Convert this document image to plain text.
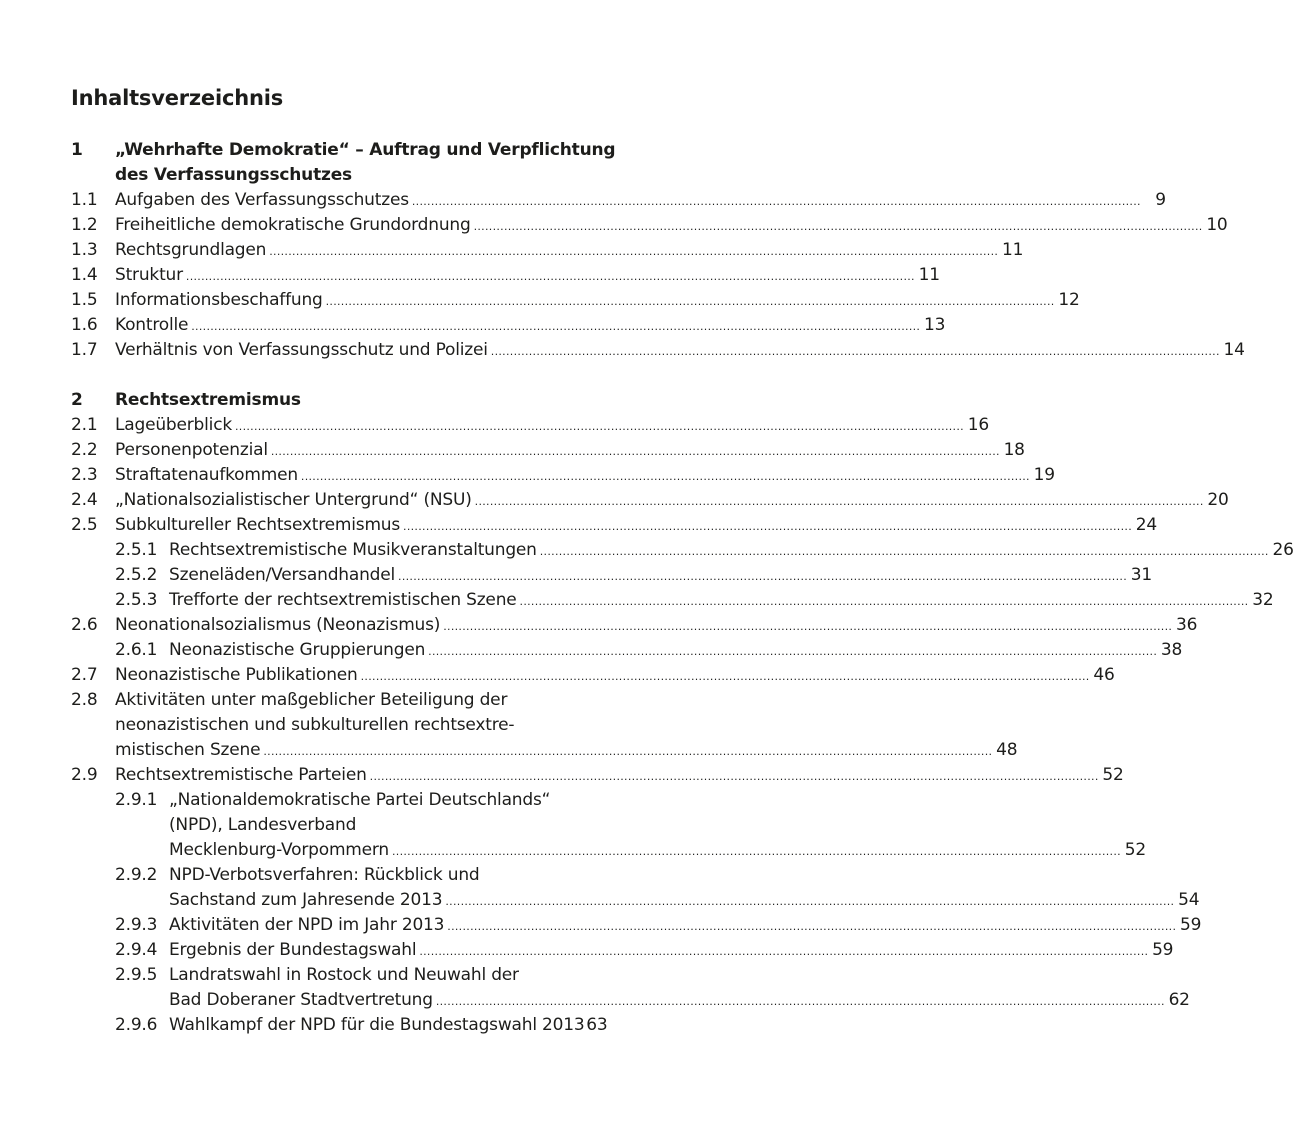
Inhaltsverzeichnis
1 „Wehrhafte Demokratie“ – Auftrag und Verpflichtung
des Verfassungsschutzes
1.1 Aufgaben des Verfassungsschutzes .....	9
1.2 Freiheitliche demokratische Grundordnung .....	10
1.3 Rechtsgrundlagen .....	11
1.4 Struktur .....	11
1.5 Informationsbeschaffung .....	12
1.6 Kontrolle .....	13
1.7 Verhältnis von Verfassungsschutz und Polizei .....	14
2 Rechtsextremismus
2.1 Lageüberblick .....	16
2.2 Personenpotenzial .....	18
2.3 Straftatenaufkommen .....	19
2.4 „Nationalsozialistischer Untergrund“ (NSU) .....	20
2.5 Subkultureller Rechtsextremismus .....	24
2.5.1 Rechtsextremistische Musikveranstaltungen .....	26
2.5.2 Szeneläden/Versandhandel .....	31
2.5.3 Trefforte der rechtsextremistischen Szene .....	32
2.6 Neonationalsozialismus (Neonazismus) .....	36
2.6.1 Neonazistische Gruppierungen .....	38
2.7 Neonazistische Publikationen .....	46
2.8 Aktivitäten unter maßgeblicher Beteiligung der
neonazistischen und subkulturellen rechtsextre-
mistischen Szene .....	48
2.9 Rechtsextremistische Parteien .....	52
2.9.1 „Nationaldemokratische Partei Deutschlands“
(NPD), Landesverband
Mecklenburg-Vorpommern .....	52
2.9.2 NPD-Verbotsverfahren: Rückblick und
Sachstand zum Jahresende 2013 .....	54
2.9.3 Aktivitäten der NPD im Jahr 2013 .....	59
2.9.4 Ergebnis der Bundestagswahl .....	59
2.9.5 Landratswahl in Rostock und Neuwahl der
Bad Doberaner Stadtvertretung .....	62
2.9.6 Wahlkampf der NPD für die Bundestagswahl 2013 63
